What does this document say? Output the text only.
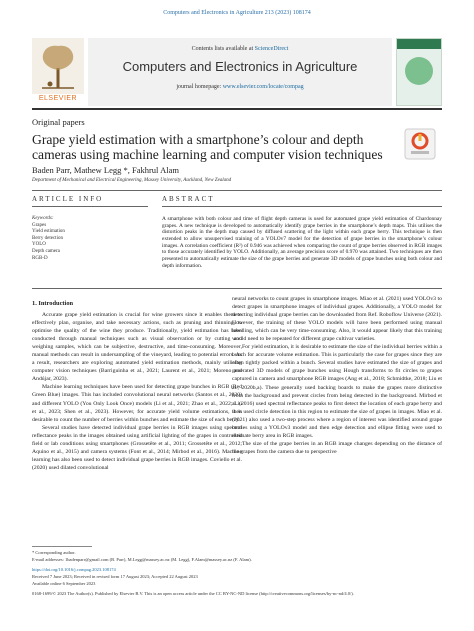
Computers and Electronics in Agriculture 213 (2023) 108174
ELSEVIER
Contents lists available at ScienceDirect
Computers and Electronics in Agriculture
journal homepage: www.elsevier.com/locate/compag
Original papers
Grape yield estimation with a smartphone’s colour and depth cameras using machine learning and computer vision techniques
Baden Parr, Mathew Legg *, Fakhrul Alam
Department of Mechanical and Electrical Engineering, Massey University, Auckland, New Zealand
ARTICLE INFO	ABSTRACT
Keywords:
Grapes
Yield estimation
Berry detection
YOLO
Depth camera
RGB-D
A smartphone with both colour and time of flight depth cameras is used for automated grape yield estimation of Chardonnay grapes. A new technique is developed to automatically identify grape berries in the smartphone’s depth maps. This utilises the distortion peaks in the depth map caused by diffused scattering of the light within each grape berry. This technique is then extended to allow unsupervised training of a YOLOv7 model for the detection of grape berries in the smartphone’s colour images. A correlation coefficient (R²) of 0.946 was achieved when comparing the count of grape berries observed in RGB images to those accurately identified by YOLO. Additionally, an average precision score of 0.970 was attained. Two techniques are then presented to automatically estimate the size of the grape berries and generate 3D models of grape bunches using both colour and depth information.
1. Introduction

Accurate grape yield estimation is crucial for wine growers since it enables them to effectively plan, organise, and take necessary actions, such as pruning and thinning, to optimise the quality of the wine they produce. Traditionally, yield estimation has been conducted through manual techniques such as visual observation or by cutting and weighing samples, which can be subjective, destructive, and time-consuming. Moreover, manual methods can result in undersampling of the vineyard, leading to potential errors. As a result, researchers are exploring automated yield estimation methods, mainly utilising computer vision techniques (Barriguinha et al., 2021; Laurent et al., 2021; Moreno and Andújar, 2023).

Machine learning techniques have been used for detecting grape bunches in RGB (Red Green Blue) images. This has included convolutional neural networks (Santos et al., 2020) and different YOLO (You Only Look Once) models (Li et al., 2021; Zhao et al., 2022; Liu et al., 2023; Shen et al., 2023). However, for accurate yield volume estimations, it is desirable to count the number of berries within bunches and estimate the size of each berry.

Several studies have detected individual grape berries in RGB images using spectral reflectance peaks in the images obtained using artificial lighting of the grapes in controlled field or lab conditions using smartphones (Grossetête et al., 2011; Grossetête et al., 2012; Aquino et al., 2015) and camera systems (Font et al., 2014; Mirbod et al., 2016). Machine learning has also been used to detect individual grape berries in RGB images. Coviello et al. (2020) used dilated convolutional

neural networks to count grapes in smartphone images. Miao et al. (2021) used YOLOv3 to detect grapes in smartphone images of individual grapes. Additionally, a YOLO model for detecting individual grape berries can be downloaded from Ref. Roboflow Universe (2021). However, the training of these YOLO models will have been performed using manual labelling, which can be very time-consuming. Also, it would appear likely that this training would need to be repeated for different grape cultivar varieties.

For yield estimation, it is desirable to estimate the size of the individual berries within a bunch for accurate volume estimation. This is particularly the case for grapes since they are often tightly packed within a bunch. Several studies have estimated the size of grapes and generated 3D models of grape bunches using Hough transforms to fit circles to grapes captured in camera and smartphone RGB images (Ang et al., 2018; Schmidtke, 2018; Liu et al., 2020b,a). These generally used backing boards to make the grapes more distinctive from the background and prevent circles from being detected in the background. Mirbod et al. (2016) used spectral reflectance peaks to first detect the location of each grape berry and then used circle detection in this region to estimate the size of grapes in images. Miao et al. (2021) also used a two-step process where a region of interest was identified around grape berries using a YOLOv3 model and then edge detection and ellipse fitting were used to estimate berry area in RGB images.

The size of the grape berries in an RGB image changes depending on the distance of the grapes from the camera due to perspective

* Corresponding author.
E-mail addresses: 1badenparr@gmail.com (B. Parr), M.Legg@massey.ac.nz (M. Legg), F.Alam@massey.ac.nz (F. Alam).
https://doi.org/10.1016/j.compag.2023.108174
Received 7 June 2023; Received in revised form 17 August 2023; Accepted 22 August 2023
Available online 6 September 2023
0168-1699/© 2023 The Author(s). Published by Elsevier B.V. This is an open access article under the CC BY-NC-ND license (http://creativecommons.org/licenses/by-nc-nd/4.0/).
